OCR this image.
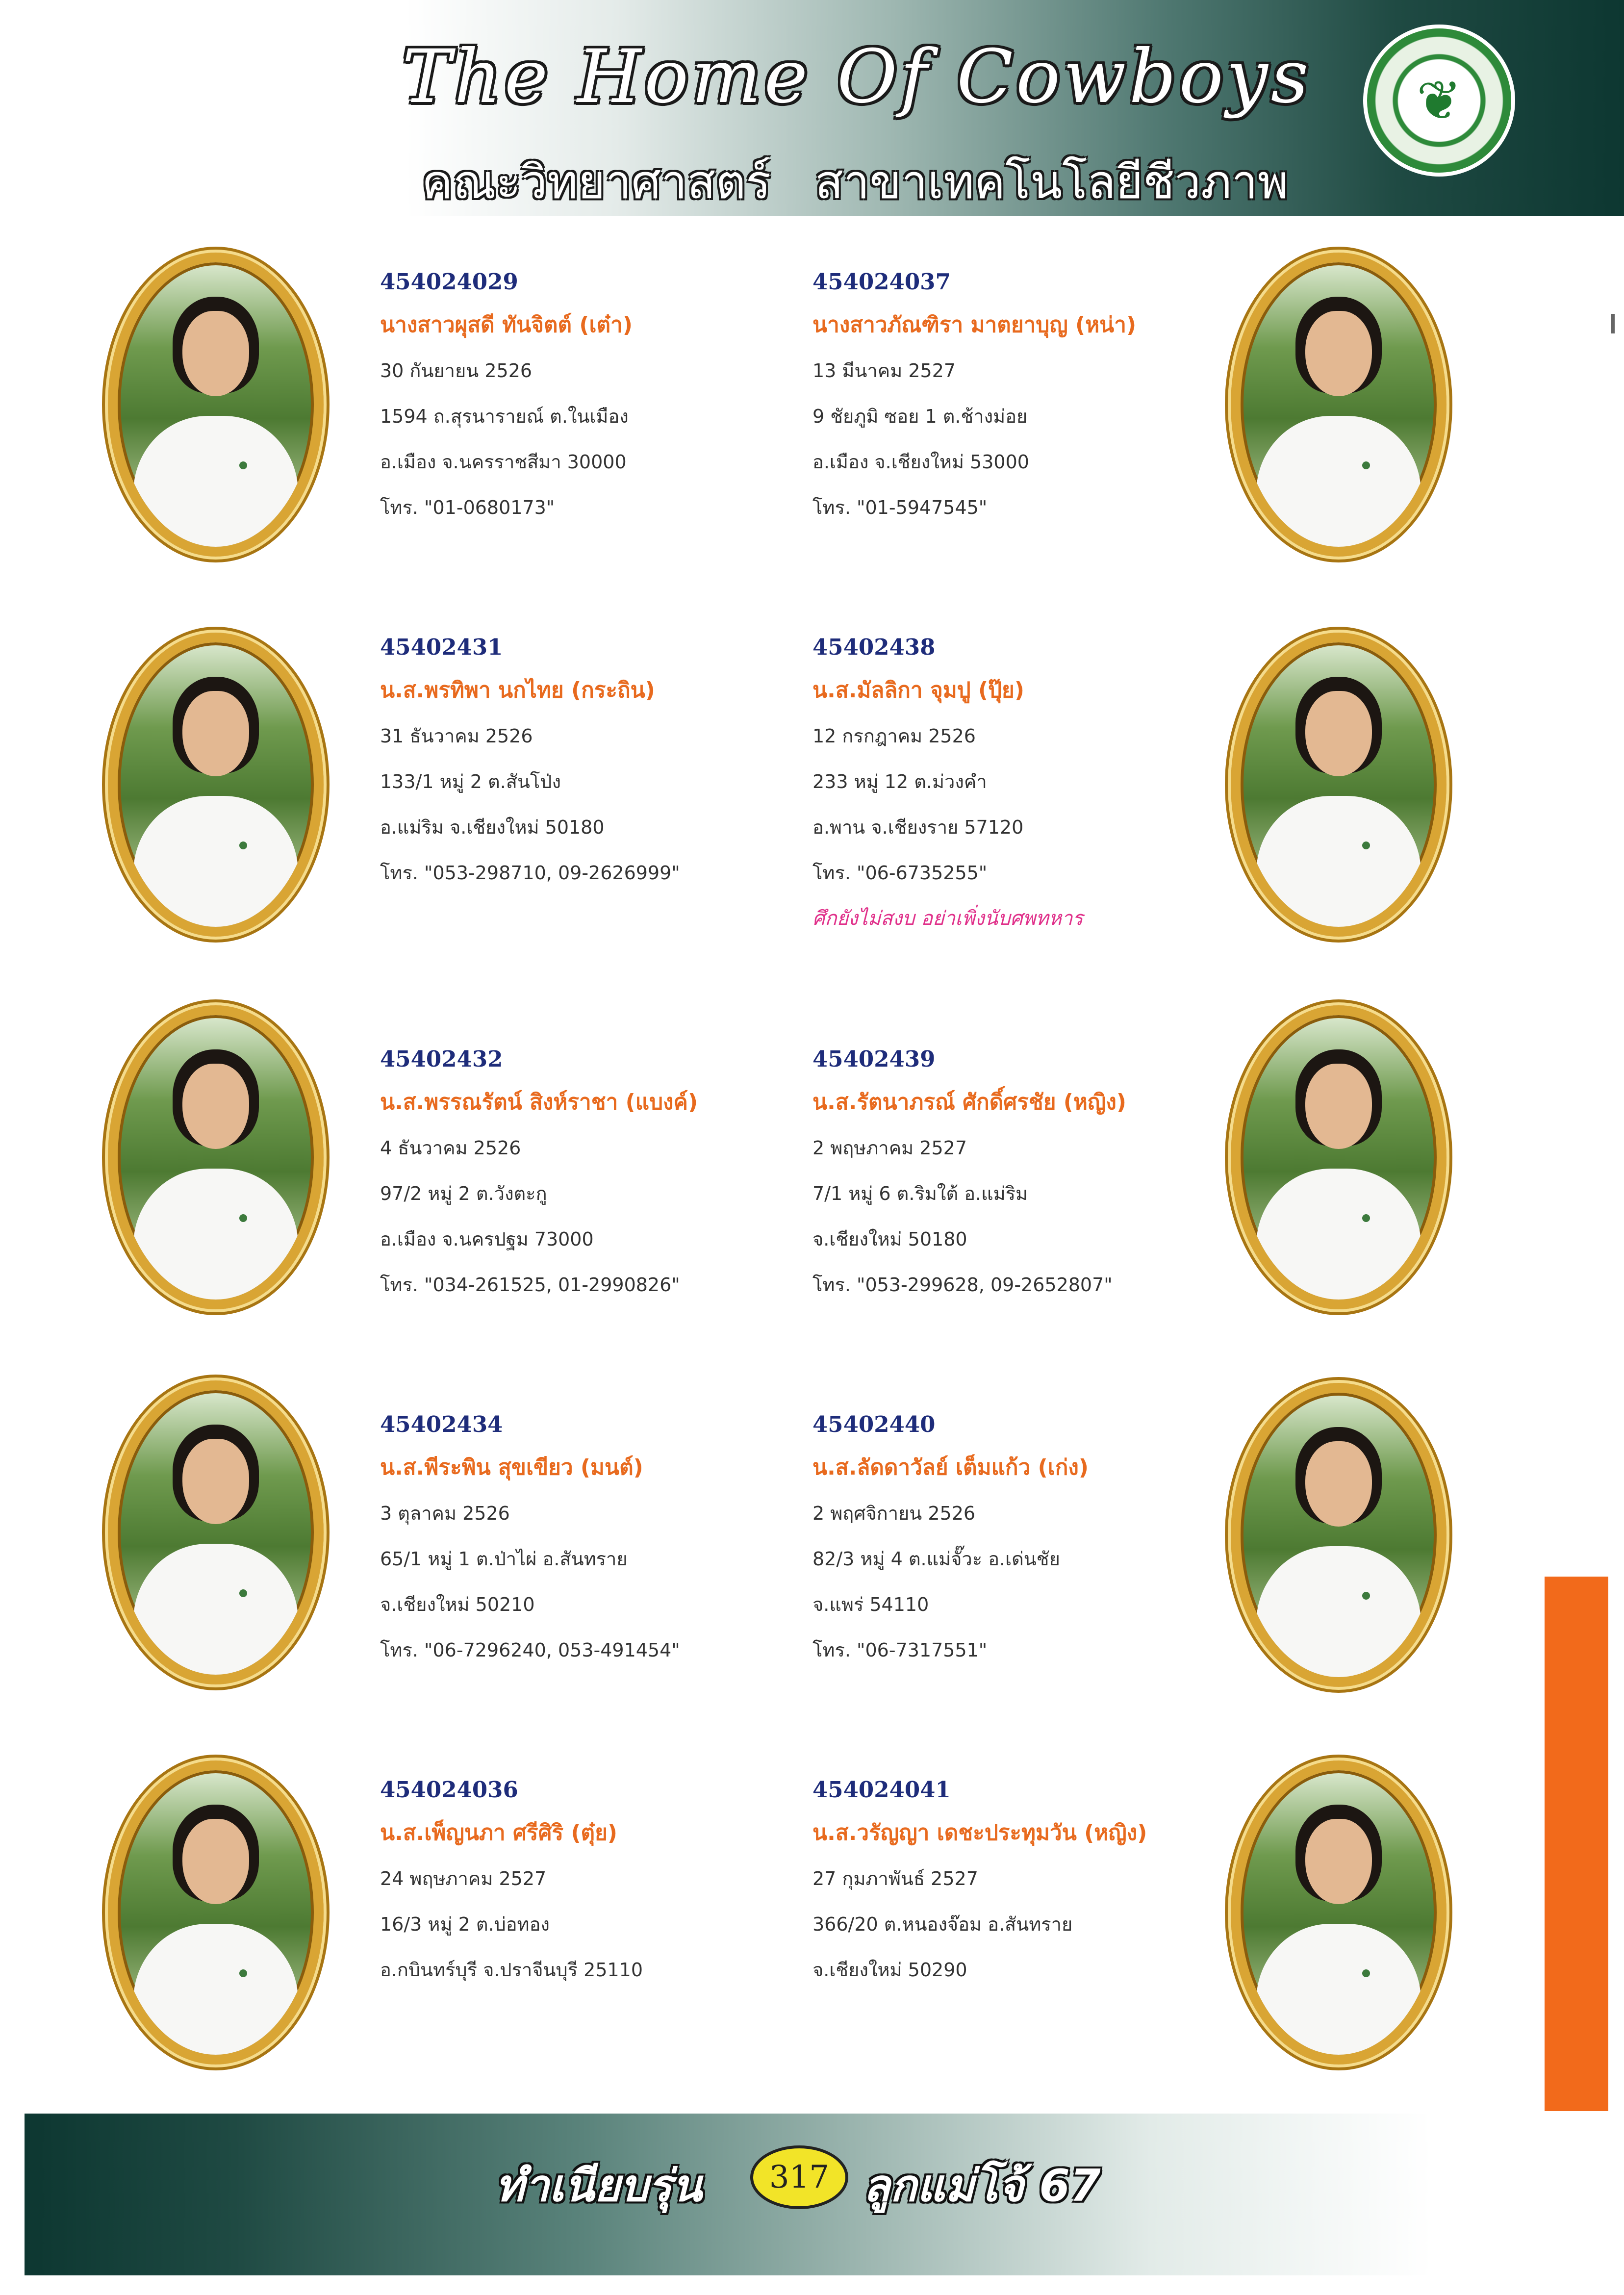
The Home Of Cowboys
คณะวิทยาศาสตร์ สาขาเทคโนโลยีชีวภาพ
❦
454024029
นางสาวผุสดี ทันจิตต์ (เต๋า)
30 กันยายน 2526
1594 ถ.สุรนารายณ์ ต.ในเมือง
อ.เมือง จ.นครราชสีมา 30000
โทร. "01-0680173"
454024037
นางสาวภัณฑิรา มาตยาบุญ (หน่า)
13 มีนาคม 2527
9 ชัยภูมิ ซอย 1 ต.ช้างม่อย
อ.เมือง จ.เชียงใหม่ 53000
โทร. "01-5947545"
45402431
น.ส.พรทิพา นกไทย (กระถิน)
31 ธันวาคม 2526
133/1 หมู่ 2 ต.สันโป่ง
อ.แม่ริม จ.เชียงใหม่ 50180
โทร. "053-298710, 09-2626999"
45402438
น.ส.มัลลิกา จุมปู (ปุ๊ย)
12 กรกฎาคม 2526
233 หมู่ 12 ต.ม่วงคำ
อ.พาน จ.เชียงราย 57120
โทร. "06-6735255"
ศึกยังไม่สงบ อย่าเพิ่งนับศพทหาร
45402432
น.ส.พรรณรัตน์ สิงห์ราชา (แบงค์)
4 ธันวาคม 2526
97/2 หมู่ 2 ต.วังตะกู
อ.เมือง จ.นครปฐม 73000
โทร. "034-261525, 01-2990826"
45402439
น.ส.รัตนาภรณ์ ศักดิ์ศรชัย (หญิง)
2 พฤษภาคม 2527
7/1 หมู่ 6 ต.ริมใต้ อ.แม่ริม
จ.เชียงใหม่ 50180
โทร. "053-299628, 09-2652807"
45402434
น.ส.พีระพิน สุขเขียว (มนต์)
3 ตุลาคม 2526
65/1 หมู่ 1 ต.ป่าไผ่ อ.สันทราย
จ.เชียงใหม่ 50210
โทร. "06-7296240, 053-491454"
45402440
น.ส.ลัดดาวัลย์ เต็มแก้ว (เก่ง)
2 พฤศจิกายน 2526
82/3 หมู่ 4 ต.แม่จั๊วะ อ.เด่นชัย
จ.แพร่ 54110
โทร. "06-7317551"
454024036
น.ส.เพ็ญนภา ศรีศิริ (ตุ๋ย)
24 พฤษภาคม 2527
16/3 หมู่ 2 ต.บ่อทอง
อ.กบินทร์บุรี จ.ปราจีนบุรี 25110
454024041
น.ส.วรัญญา เดชะประทุมวัน (หญิง)
27 กุมภาพันธ์ 2527
366/20 ต.หนองจ๊อม อ.สันทราย
จ.เชียงใหม่ 50290
ทำเนียบรุ่น	317 ลูกแม่โจ้ 67
